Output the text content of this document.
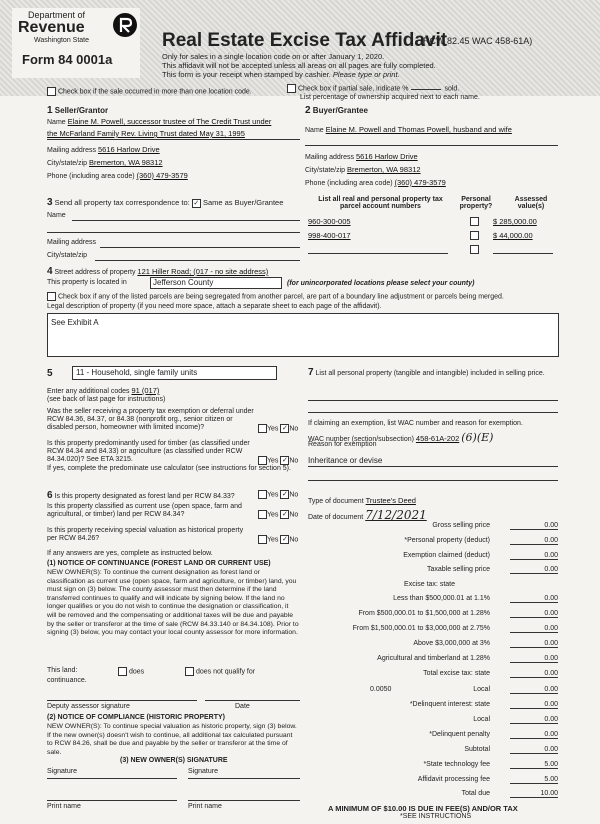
Department of
Revenue
Washington State
Form 84 0001a
Real Estate Excise Tax Affidavit
(RCW 82.45 WAC 458-61A)
Only for sales in a single location code on or after January 1, 2020.
This affidavit will not be accepted unless all areas on all pages are fully completed.
This form is your receipt when stamped by cashier. Please type or print.
Check box if the sale occurred in more than one location code.	Check box if partial sale, indicate %	sold.
List percentage of ownership acquired next to each name.
1 Seller/Grantor
Name Elaine M. Powell, successor trustee of The Credit Trust under
the McFarland Family Rev. Living Trust dated May 31, 1995
Mailing address 5616 Harlow Drive
City/state/zip Bremerton, WA 98312
Phone (including area code) (360) 479-3579
2 Buyer/Grantee
Name Elaine M. Powell and Thomas Powell, husband and wife
Mailing address 5616 Harlow Drive
City/state/zip Bremerton, WA 98312
Phone (including area code) (360) 479-3579
3 Send all property tax correspondence to: ✓ Same as Buyer/Grantee
Name
Mailing address
City/state/zip
List all real and personal property tax parcel account numbers
Personal property?
Assessed value(s)
960-300-005	$ 285,000.00
998-400-017	$ 44,000.00
4 Street address of property 121 Hiller Road; (017 - no site address)
This property is located in	Jefferson County	(for unincorporated locations please select your county)
Check box if any of the listed parcels are being segregated from another parcel, are part of a boundary line adjustment or parcels being merged.
Legal description of property (if you need more space, attach a separate sheet to each page of the affidavit).
See Exhibit A
5	11 - Household, single family units
Enter any additional codes 91 (017)
(see back of last page for instructions)
Was the seller receiving a property tax exemption or deferral under RCW 84.36, 84.37, or 84.38 (nonprofit org., senior citizen or disabled person, homeowner with limited income)?	Yes ✓ No
Is this property predominantly used for timber (as classified under RCW 84.34 and 84.33) or agriculture (as classified under RCW 84.34.020)? See ETA 3215.
If yes, complete the predominate use calculator (see instructions for section 5).
Yes ✓ No
6 Is this property designated as forest land per RCW 84.33?	Yes ✓ No
Is this property classified as current use (open space, farm and agricultural, or timber) land per RCW 84.34?	Yes ✓ No
Is this property receiving special valuation as historical property per RCW 84.26?	Yes ✓ No
If any answers are yes, complete as instructed below.
(1) NOTICE OF CONTINUANCE (FOREST LAND OR CURRENT USE)
NEW OWNER(S): To continue the current designation as forest land or classification as current use (open space, farm and agriculture, or timber) land, you must sign on (3) below. The county assessor must then determine if the land transferred continues to qualify and will indicate by signing below. If the land no longer qualifies or you do not wish to continue the designation or classification, it will be removed and the compensating or additional taxes will be due and payable by the seller or transferor at the time of sale (RCW 84.33.140 or 84.34.108). Prior to signing (3) below, you may contact your local county assessor for more information.
This land:	does	does not qualify for
continuance.
Deputy assessor signature	Date
(2) NOTICE OF COMPLIANCE (HISTORIC PROPERTY)
NEW OWNER(S): To continue special valuation as historic property, sign (3) below. If the new owner(s) doesn't wish to continue, all additional tax calculated pursuant to RCW 84.26, shall be due and payable by the seller or transferor at the time of sale.
(3) NEW OWNER(S) SIGNATURE
Signature	Signature
Print name	Print name
7 List all personal property (tangible and intangible) included in selling price.
If claiming an exemption, list WAC number and reason for exemption.
WAC number (section/subsection) 458-61A-202 (6)(E)
Reason for exemption
Inheritance or devise
Type of document Trustee's Deed
Date of document 7/12/2021
Gross selling price	0.00
*Personal property (deduct)	0.00
Exemption claimed (deduct)	0.00
Taxable selling price	0.00
Excise tax: state
Less than $500,000.01 at 1.1%	0.00
From $500,000.01 to $1,500,000 at 1.28%	0.00
From $1,500,000.01 to $3,000,000 at 2.75%	0.00
Above $3,000,000 at 3%	0.00
Agricultural and timberland at 1.28%	0.00
Total excise tax: state	0.00
Local
0.0050	0.00
*Delinquent interest: state	0.00
Local	0.00
*Delinquent penalty	0.00
Subtotal	0.00
*State technology fee	5.00
Affidavit processing fee	5.00
Total due	10.00
A MINIMUM OF $10.00 IS DUE IN FEE(S) AND/OR TAX
*SEE INSTRUCTIONS
